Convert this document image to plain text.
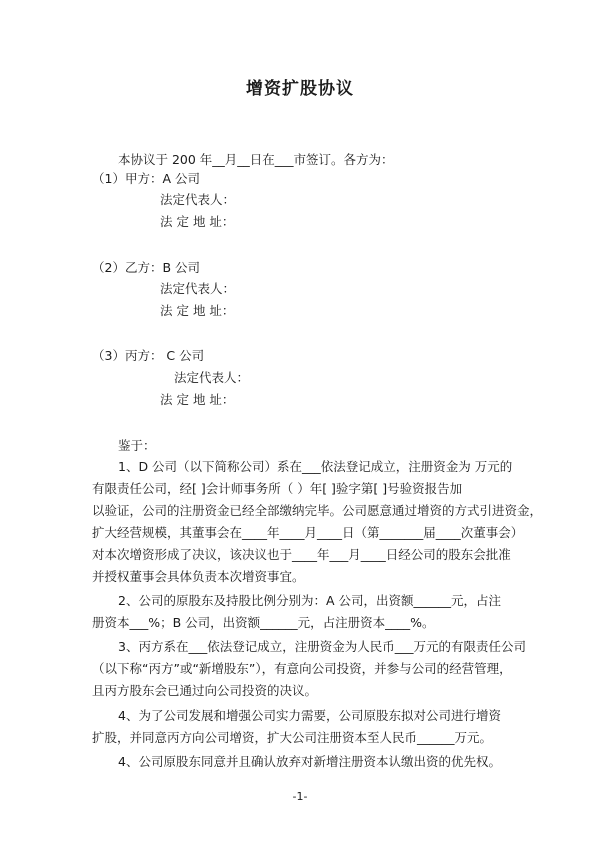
增资扩股协议
本协议于 200 年__月__日在___市签订。各方为：
（1）甲方：A 公司
法定代表人：
法 定 地 址：
（2）乙方：B 公司
法定代表人：
法 定 地 址：
（3）丙方： C 公司
法定代表人：
法 定 地 址：
鉴于：
1、D 公司（以下简称公司）系在___依法登记成立，注册资金为 万元的
有限责任公司，经[ ]会计师事务所（ ）年[ ]验字第[ ]号验资报告加
以验证，公司的注册资金已经全部缴纳完毕。公司愿意通过增资的方式引进资金，
扩大经营规模，其董事会在____年____月____日（第_______届____次董事会）
对本次增资形成了决议，该决议也于____年___月____日经公司的股东会批准
并授权董事会具体负责本次增资事宜。
2、公司的原股东及持股比例分别为：A 公司，出资额______元，占注
册资本___%；B 公司，出资额______元，占注册资本____%。
3、丙方系在___依法登记成立，注册资金为人民币___万元的有限责任公司
（以下称“丙方”或“新增股东”），有意向公司投资，并参与公司的经营管理，
且丙方股东会已通过向公司投资的决议。
4、为了公司发展和增强公司实力需要，公司原股东拟对公司进行增资
扩股，并同意丙方向公司增资，扩大公司注册资本至人民币______万元。
4、公司原股东同意并且确认放弃对新增注册资本认缴出资的优先权。
-1-
